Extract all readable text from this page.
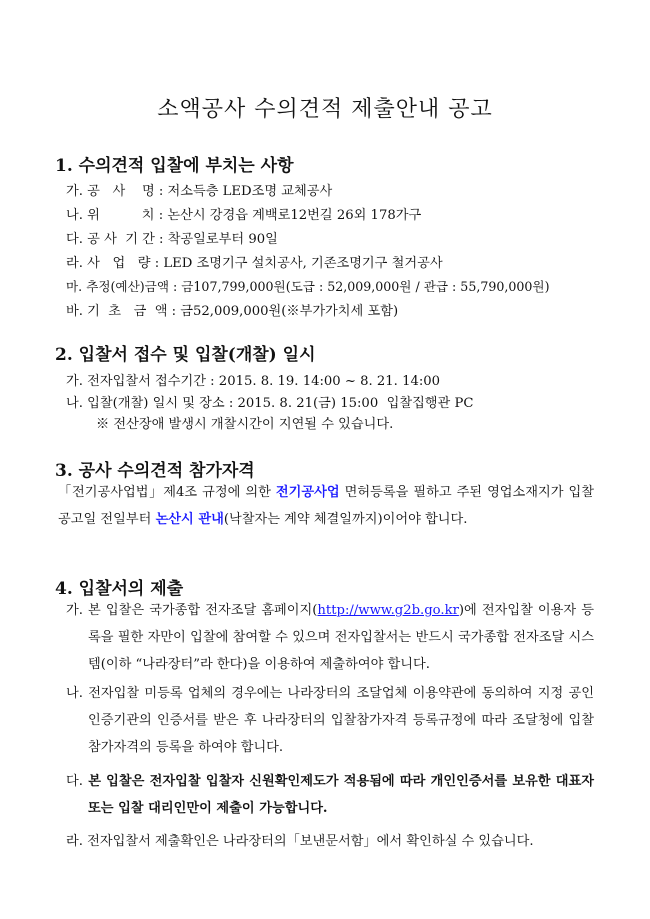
소액공사 수의견적 제출안내 공고
1. 수의견적 입찰에 부치는 사항
가. 공   사    명 : 저소득층 LED조명 교체공사
나. 위          치 : 논산시 강경읍 계백로12번길 26외 178가구
다. 공 사  기 간 : 착공일로부터 90일
라. 사   업   량 : LED 조명기구 설치공사, 기존조명기구 철거공사
마. 추정(예산)금액 : 금107,799,000원(도급 : 52,009,000원 / 관급 : 55,790,000원)
바. 기  초   금  액 : 금52,009,000원(※부가가치세 포함)
2. 입찰서 접수 및 입찰(개찰) 일시
가. 전자입찰서 접수기간 : 2015. 8. 19. 14:00 ~ 8. 21. 14:00
나. 입찰(개찰) 일시 및 장소 : 2015. 8. 21(금) 15:00  입찰집행관 PC
※ 전산장애 발생시 개찰시간이 지연될 수 있습니다.
3. 공사 수의견적 참가자격
「전기공사업법」제4조 규정에 의한 전기공사업 면허등록을 필하고 주된 영업소재지가 입찰공고일 전일부터 논산시 관내(낙찰자는 계약 체결일까지)이어야 합니다.
4. 입찰서의 제출
가. 본 입찰은 국가종합 전자조달 홈페이지(http://www.g2b.go.kr)에 전자입찰 이용자 등록을 필한 자만이 입찰에 참여할 수 있으며 전자입찰서는 반드시 국가종합 전자조달 시스템(이하 “나라장터”라 한다)을 이용하여 제출하여야 합니다.
나. 전자입찰 미등록 업체의 경우에는 나라장터의 조달업체 이용약관에 동의하여 지정 공인인증기관의 인증서를 받은 후 나라장터의 입찰참가자격 등록규정에 따라 조달청에 입찰참가자격의 등록을 하여야 합니다.
다. 본 입찰은 전자입찰 입찰자 신원확인제도가 적용됨에 따라 개인인증서를 보유한 대표자 또는 입찰 대리인만이 제출이 가능합니다.
라. 전자입찰서 제출확인은 나라장터의「보낸문서함」에서 확인하실 수 있습니다.
